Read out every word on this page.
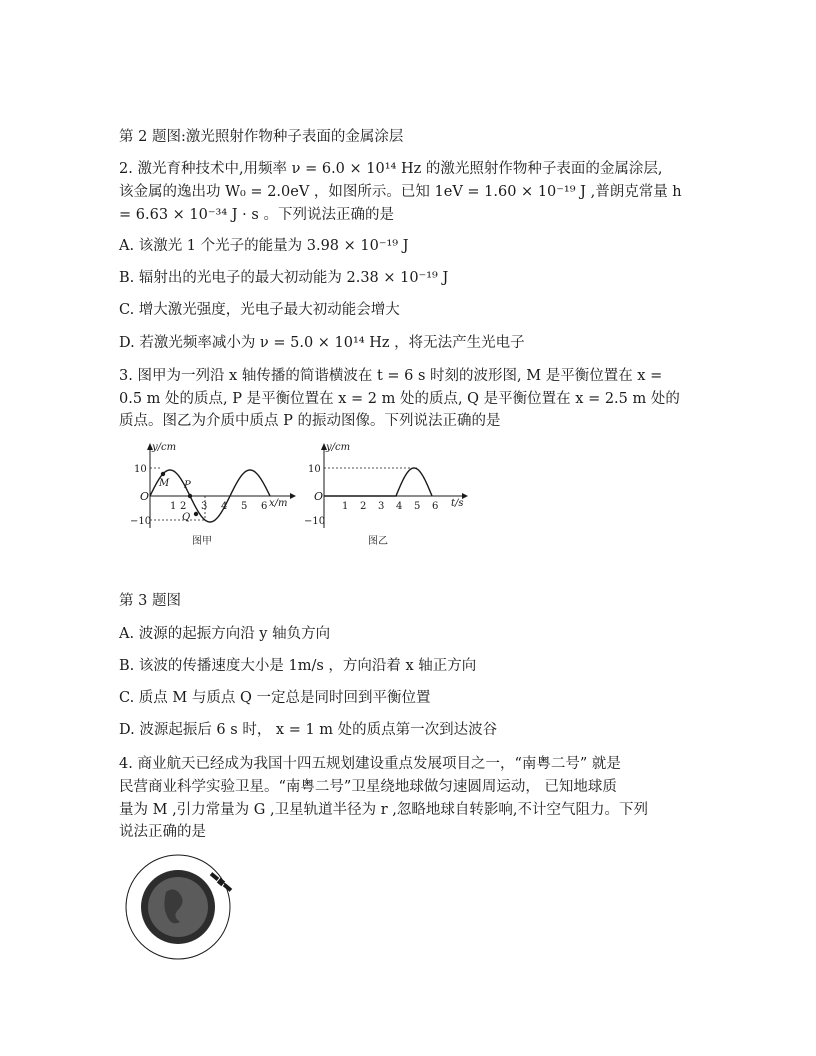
第 2 题图:激光照射作物种子表面的金属涂层
2. 激光育种技术中,用频率 ν = 6.0 × 10¹⁴ Hz 的激光照射作物种子表面的金属涂层,
该金属的逸出功 W₀ = 2.0eV ，如图所示。已知 1eV = 1.60 × 10⁻¹⁹ J ,普朗克常量 h
= 6.63 × 10⁻³⁴ J · s 。下列说法正确的是
A. 该激光 1 个光子的能量为 3.98 × 10⁻¹⁹ J
B. 辐射出的光电子的最大初动能为 2.38 × 10⁻¹⁹ J
C. 增大激光强度，光电子最大初动能会增大
D. 若激光频率减小为 ν = 5.0 × 10¹⁴ Hz ，将无法产生光电子
3. 图甲为一列沿 x 轴传播的简谐横波在 t = 6 s 时刻的波形图, M 是平衡位置在 x =
0.5 m 处的质点, P 是平衡位置在 x = 2 m 处的质点, Q 是平衡位置在 x = 2.5 m 处的
质点。图乙为介质中质点 P 的振动图像。下列说法正确的是
10
−10
O
y/cm
x/m
1 2 3 4 5 6
M P
Q
图甲
10
−10
O
y/cm
t/s
1 2 3 4 5 6
图乙
第 3 题图
A. 波源的起振方向沿 y 轴负方向
B. 该波的传播速度大小是 1m/s ，方向沿着 x 轴正方向
C. 质点 M 与质点 Q 一定总是同时回到平衡位置
D. 波源起振后 6 s 时， x = 1 m 处的质点第一次到达波谷
4. 商业航天已经成为我国十四五规划建设重点发展项目之一，“南粤二号” 就是
民营商业科学实验卫星。“南粤二号”卫星绕地球做匀速圆周运动， 已知地球质
量为 M ,引力常量为 G ,卫星轨道半径为 r ,忽略地球自转影响,不计空气阻力。下列
说法正确的是
